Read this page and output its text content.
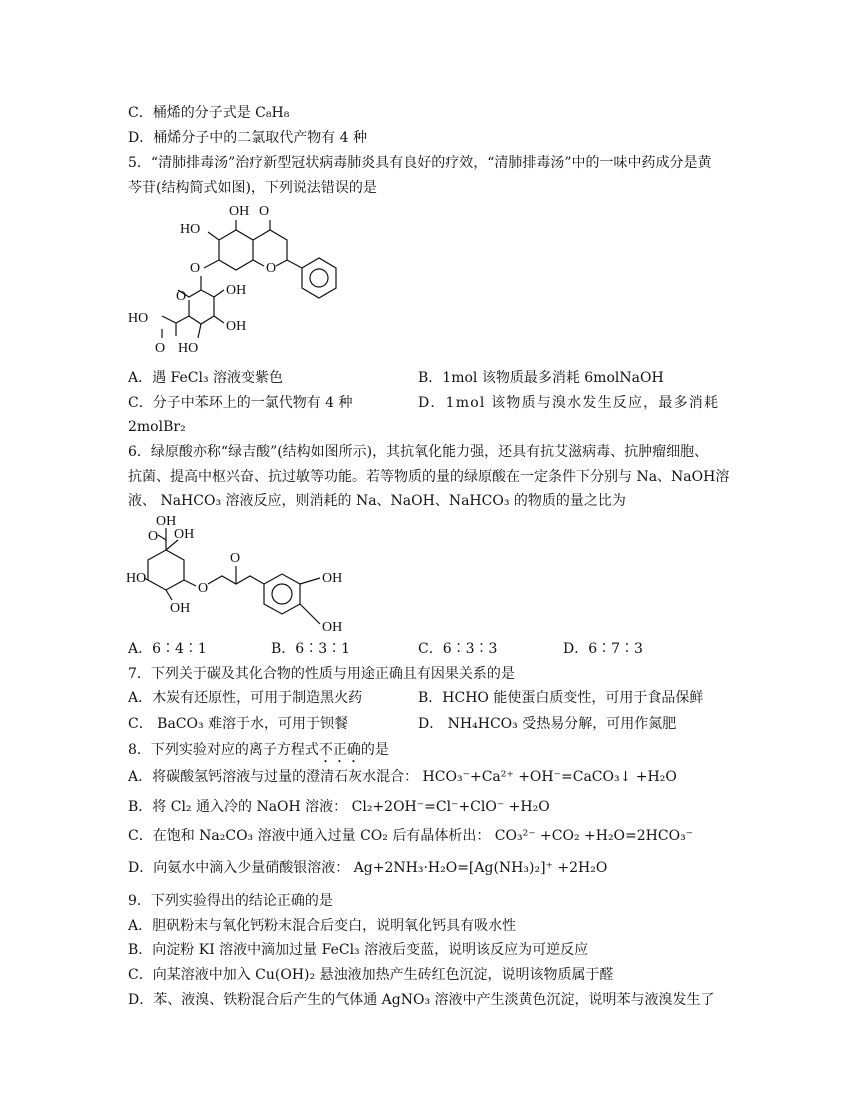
C．桶烯的分子式是 C₈H₈
D．桶烯分子中的二氯取代产物有 4 种
5．“清肺排毒汤”治疗新型冠状病毒肺炎具有良好的疗效，“清肺排毒汤”中的一味中药成分是黄
芩苷(结构简式如图)，下列说法错误的是
OH O
HO
O
O
O	OH
OH
HO
O HO
A．遇 FeCl₃ 溶液变紫色	B．1mol 该物质最多消耗 6molNaOH
C．分子中苯环上的一氯代物有 4 种	D．1mol 该物质与溴水发生反应，最多消耗
2molBr₂
6．绿原酸亦称“绿吉酸”(结构如图所示)，其抗氧化能力强，还具有抗艾滋病毒、抗肿瘤细胞、
抗菌、提高中枢兴奋、抗过敏等功能。若等物质的量的绿原酸在一定条件下分别与 Na、NaOH溶
液、 NaHCO₃ 溶液反应，则消耗的 Na、NaOH、NaHCO₃ 的物质的量之比为
OH
O OH
HO
OH
O
O
OH
OH
A．6∶4∶1	B．6∶3∶1	C．6∶3∶3	D．6∶7∶3
7．下列关于碳及其化合物的性质与用途正确且有因果关系的是
A．木炭有还原性，可用于制造黑火药	B．HCHO 能使蛋白质变性，可用于食品保鲜
C． BaCO₃ 难溶于水，可用于钡餐	D． NH₄HCO₃ 受热易分解，可用作氮肥
8．下列实验对应的离子方程式不正确的是
A．将碳酸氢钙溶液与过量的澄清石灰水混合： HCO₃⁻+Ca²⁺ +OH⁻=CaCO₃↓ +H₂O
B．将 Cl₂ 通入冷的 NaOH 溶液： Cl₂+2OH⁻=Cl⁻+ClO⁻ +H₂O
C．在饱和 Na₂CO₃ 溶液中通入过量 CO₂ 后有晶体析出： CO₃²⁻ +CO₂ +H₂O=2HCO₃⁻
D．向氨水中滴入少量硝酸银溶液： Ag+2NH₃·H₂O=[Ag(NH₃)₂]⁺ +2H₂O
9．下列实验得出的结论正确的是
A．胆矾粉末与氧化钙粉末混合后变白，说明氧化钙具有吸水性
B．向淀粉 KI 溶液中滴加过量 FeCl₃ 溶液后变蓝，说明该反应为可逆反应
C．向某溶液中加入 Cu(OH)₂ 悬浊液加热产生砖红色沉淀，说明该物质属于醛
D．苯、液溴、铁粉混合后产生的气体通 AgNO₃ 溶液中产生淡黄色沉淀，说明苯与液溴发生了
